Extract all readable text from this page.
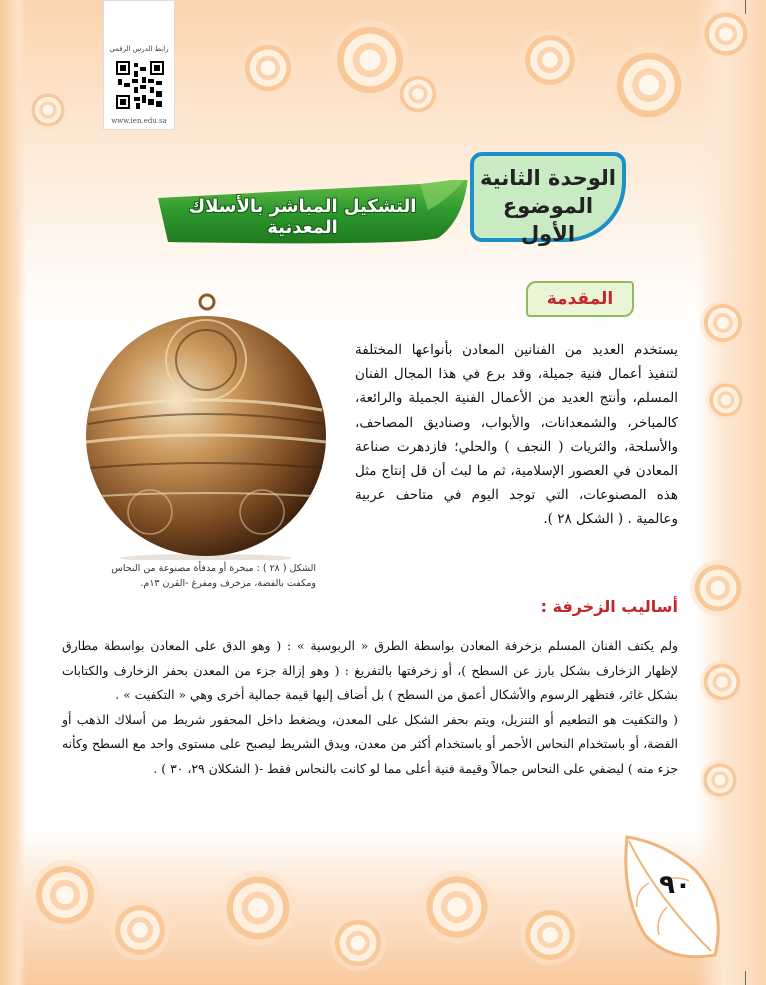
رابط الدرس الرقمي
www.ien.edu.sa
التشكيل المباشر بالأسلاك المعدنية
الوحدة الثانية
الموضوع الأول
المقدمة
الشكل ( ٢٨ ) : مبخرة أو مدفأة مصنوعة من النحاس ومكفت بالفضة، مزخرف ومفرغ -القرن ١٣م.

يستخدم العديد من الفنانين المعادن بأنواعها المختلفة لتنفيذ أعمال فنية جميلة، وقد برع في هذا المجال الفنان المسلم، وأنتج العديد من الأعمال الفنية الجميلة والرائعة، كالمباخر، والشمعدانات، والأبواب، وصناديق المصاحف، والأسلحة، والثريات ( النجف ) والحلي؛ فازدهرت صناعة المعادن في العصور الإسلامية، ثم ما لبث أن قل إنتاج مثل هذه المصنوعات، التي توجد اليوم في متاحف عربية وعالمية . ( الشكل ٢٨ ).

أساليب الزخرفة :

ولم يكتف الفنان المسلم بزخرفة المعادن بواسطة الطرق « الربوسية » : ( وهو الدق على المعادن بواسطة مطارق لإظهار الزخارف بشكل بارز عن السطح )، أو زخرفتها بالتفريغ : ( وهو إزالة جزء من المعدن بحفر الزخارف والكتابات بشكل غائر، فتظهر الرسوم والأشكال أعمق من السطح ) بل أضاف إليها قيمة جمالية أخرى وهي « التكفيت » .

( والتكفيت هو التطعيم أو التنزيل، ويتم بحفر الشكل على المعدن، ويضغط داخل المحفور شريط من أسلاك الذهب أو الفضة، أو باستخدام النحاس الأحمر أو باستخدام أكثر من معدن، ويدق الشريط ليصبح على مستوى واحد مع السطح وكأنه جزء منه ) ليضفي على النحاس جمالاً وقيمة فنية أعلى مما لو كانت بالنحاس فقط -( الشكلان ٢٩، ٣٠ ) .

٩٠
